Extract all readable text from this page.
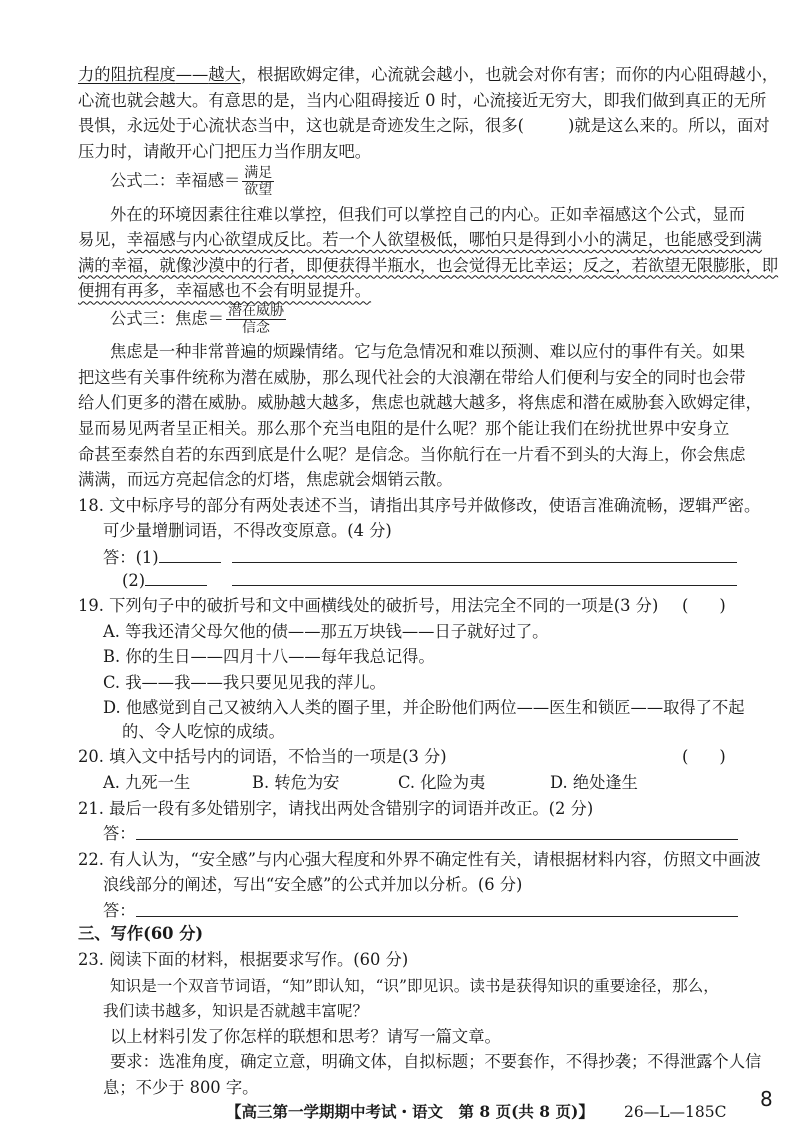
力的阻抗程度——越大，根据欧姆定律，心流就会越小，也就会对你有害；而你的内心阻碍越小，
心流也就会越大。有意思的是，当内心阻碍接近 0 时，心流接近无穷大，即我们做到真正的无所
畏惧，永远处于心流状态当中，这也就是奇迹发生之际，很多(	)就是这么来的。所以，面对
压力时，请敞开心门把压力当作朋友吧。
公式二：幸福感＝ $\frac{\text{满足}}{\text{欲望}}$
外在的环境因素往往难以掌控，但我们可以掌控自己的内心。正如幸福感这个公式，显而
易见，幸福感与内心欲望成反比。若一个人欲望极低，哪怕只是得到小小的满足，也能感受到满
满的幸福，就像沙漠中的行者，即便获得半瓶水，也会觉得无比幸运；反之，若欲望无限膨胀，即
便拥有再多，幸福感也不会有明显提升。
公式三：焦虑＝ $\frac{\text{潜在威胁}}{\text{信念}}$
焦虑是一种非常普遍的烦躁情绪。它与危急情况和难以预测、难以应付的事件有关。如果
把这些有关事件统称为潜在威胁，那么现代社会的大浪潮在带给人们便利与安全的同时也会带
给人们更多的潜在威胁。威胁越大越多，焦虑也就越大越多，将焦虑和潜在威胁套入欧姆定律，
显而易见两者呈正相关。那么那个充当电阻的是什么呢？那个能让我们在纷扰世界中安身立
命甚至泰然自若的东西到底是什么呢？是信念。当你航行在一片看不到头的大海上，你会焦虑
满满，而远方亮起信念的灯塔，焦虑就会烟销云散。
18. 文中标序号的部分有两处表述不当，请指出其序号并做修改，使语言准确流畅，逻辑严密。
可少量增删词语，不得改变原意。(4 分)
答：(1)
(2)
19. 下列句子中的破折号和文中画横线处的破折号，用法完全不同的一项是(3 分) (      )
A. 等我还清父母欠他的债——那五万块钱——日子就好过了。
B. 你的生日——四月十八——每年我总记得。
C. 我——我——我只要见见我的萍儿。
D. 他感觉到自己又被纳入人类的圈子里，并企盼他们两位——医生和锁匠——取得了不起
的、令人吃惊的成绩。
20. 填入文中括号内的词语，不恰当的一项是(3 分)	(      )
A. 九死一生	B. 转危为安	C. 化险为夷	D. 绝处逢生
21. 最后一段有多处错别字，请找出两处含错别字的词语并改正。(2 分)
答：
22. 有人认为，“安全感”与内心强大程度和外界不确定性有关，请根据材料内容，仿照文中画波
浪线部分的阐述，写出“安全感”的公式并加以分析。(6 分)
答：
三、写作(60 分)
23. 阅读下面的材料，根据要求写作。(60 分)
知识是一个双音节词语，“知”即认知，“识”即见识。读书是获得知识的重要途径，那么，
我们读书越多，知识是否就越丰富呢？
以上材料引发了你怎样的联想和思考？请写一篇文章。
要求：选准角度，确定立意，明确文体，自拟标题；不要套作，不得抄袭；不得泄露个人信
息；不少于 800 字。
【高三第一学期期中考试・语文　第 8 页(共 8 页)】 26—L—185C
8
